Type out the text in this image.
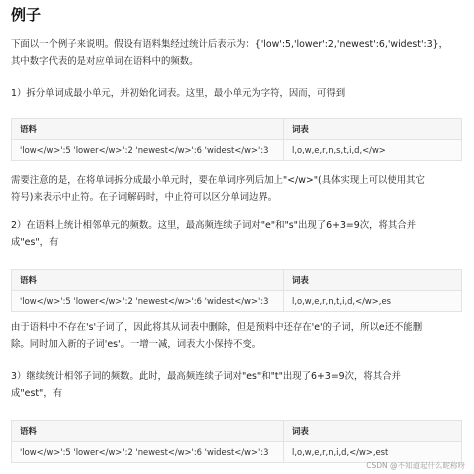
例子
下面以一个例子来说明。假设有语料集经过统计后表示为：{'low':5,'lower':2,'newest':6,'widest':3}，
其中数字代表的是对应单词在语料中的频数。
1）拆分单词成最小单元，并初始化词表。这里，最小单元为字符，因而，可得到
语料	词表
'low</w>':5 'lower</w>':2 'newest</w>':6 'widest</w>':3	l,o,w,e,r,n,s,t,i,d,</w>
需要注意的是，在将单词拆分成最小单元时，要在单词序列后加上"</w>"(具体实现上可以使用其它
符号)来表示中止符。在子词解码时，中止符可以区分单词边界。
2）在语料上统计相邻单元的频数。这里，最高频连续子词对"e"和"s"出现了6+3=9次，将其合并
成"es"，有
语料	词表
'low</w>':5 'lower</w>':2 'newest</w>':6 'widest</w>':3	l,o,w,e,r,n,t,i,d,</w>,es
由于语料中不存在's'子词了，因此将其从词表中删除，但是预料中还存在'e'的子词，所以e还不能删
除。同时加入新的子词'es'。一增一减，词表大小保持不变。
3）继续统计相邻子词的频数。此时，最高频连续子词对"es"和"t"出现了6+3=9次，将其合并
成"est"，有
语料	词表
'low</w>':5 'lower</w>':2 'newest</w>':6 'widest</w>':3	l,o,w,e,r,n,i,d,</w>,est
CSDN @不知道起什么昵称呀
